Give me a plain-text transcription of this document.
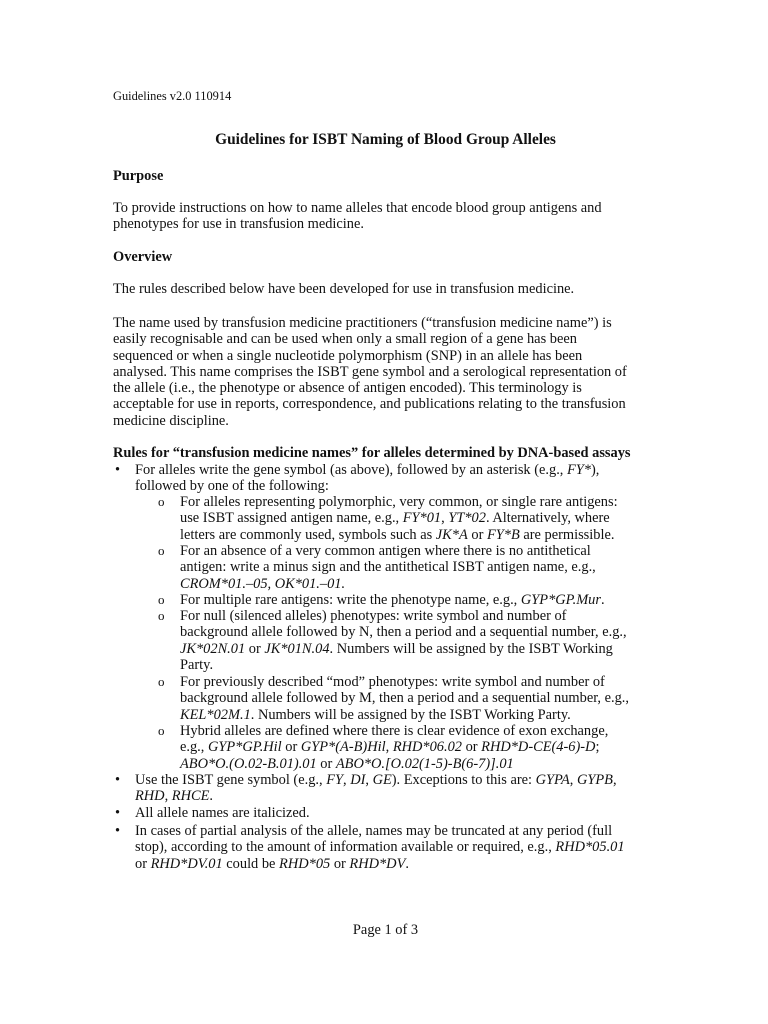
Guidelines v2.0 110914
Guidelines for ISBT Naming of Blood Group Alleles
Purpose
To provide instructions on how to name alleles that encode blood group antigens and
phenotypes for use in transfusion medicine.
Overview
The rules described below have been developed for use in transfusion medicine.
The name used by transfusion medicine practitioners (“transfusion medicine name”) is
easily recognisable and can be used when only a small region of a gene has been
sequenced or when a single nucleotide polymorphism (SNP) in an allele has been
analysed. This name comprises the ISBT gene symbol and a serological representation of
the allele (i.e., the phenotype or absence of antigen encoded). This terminology is
acceptable for use in reports, correspondence, and publications relating to the transfusion
medicine discipline.
Rules for “transfusion medicine names” for alleles determined by DNA-based assays
• For alleles write the gene symbol (as above), followed by an asterisk (e.g., FY*),
followed by one of the following:
o For alleles representing polymorphic, very common, or single rare antigens:
use ISBT assigned antigen name, e.g., FY*01, YT*02. Alternatively, where
letters are commonly used, symbols such as JK*A or FY*B are permissible.
o For an absence of a very common antigen where there is no antithetical
antigen: write a minus sign and the antithetical ISBT antigen name, e.g.,
CROM*01.–05, OK*01.–01.
o For multiple rare antigens: write the phenotype name, e.g., GYP*GP.Mur.
o For null (silenced alleles) phenotypes: write symbol and number of
background allele followed by N, then a period and a sequential number, e.g.,
JK*02N.01 or JK*01N.04. Numbers will be assigned by the ISBT Working
Party.
o For previously described “mod” phenotypes: write symbol and number of
background allele followed by M, then a period and a sequential number, e.g.,
KEL*02M.1. Numbers will be assigned by the ISBT Working Party.
o Hybrid alleles are defined where there is clear evidence of exon exchange,
e.g., GYP*GP.Hil or GYP*(A-B)Hil, RHD*06.02 or RHD*D-CE(4-6)-D;
ABO*O.(O.02-B.01).01 or ABO*O.[O.02(1-5)-B(6-7)].01
• Use the ISBT gene symbol (e.g., FY, DI, GE). Exceptions to this are: GYPA, GYPB,
RHD, RHCE.
• All allele names are italicized.
• In cases of partial analysis of the allele, names may be truncated at any period (full
stop), according to the amount of information available or required, e.g., RHD*05.01
or RHD*DV.01 could be RHD*05 or RHD*DV.
Page 1 of 3
